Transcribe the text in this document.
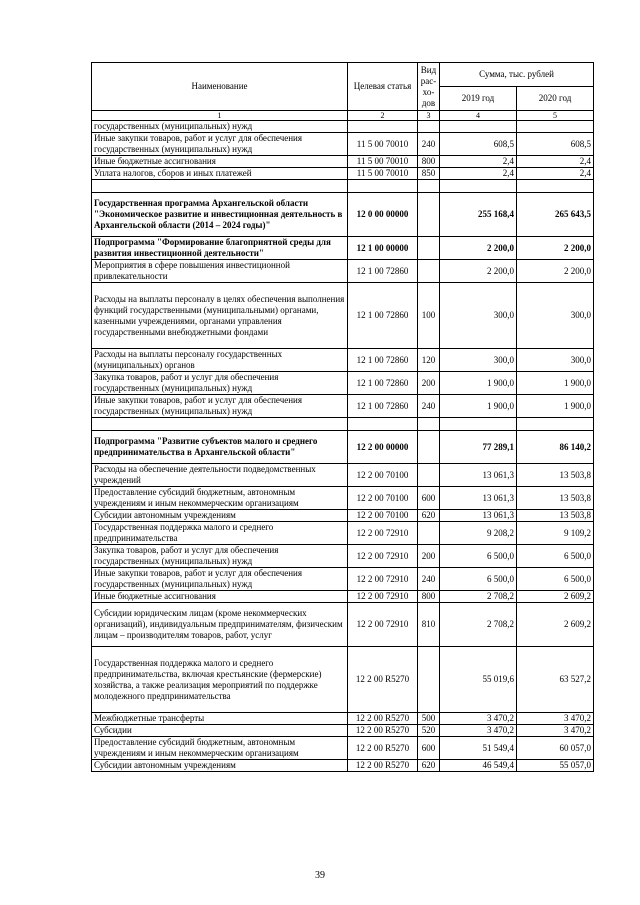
Наименование	Целевая статья	Вид рас-хо-дов	Сумма, тыс. рублей	
			2019 год	2020 год
1	2	3	4	5
государственных (муниципальных) нужд				
Иные закупки товаров, работ и услуг для обеспечения государственных (муниципальных) нужд	11 5 00 70010	240	608,5	608,5
Иные бюджетные ассигнования	11 5 00 70010	800	2,4	2,4
Уплата налогов, сборов и иных платежей	11 5 00 70010	850	2,4	2,4

Государственная программа Архангельской области "Экономическое развитие и инвестиционная деятельность в Архангельской области (2014 – 2024 годы)"	12 0 00 00000		255 168,4	265 643,5
Подпрограмма "Формирование благоприятной среды для развития инвестиционной деятельности"	12 1 00 00000		2 200,0	2 200,0
Мероприятия в сфере повышения инвестиционной привлекательности	12 1 00 72860		2 200,0	2 200,0
Расходы на выплаты персоналу в целях обеспечения выполнения функций государственными (муниципальными) органами, казенными учреждениями, органами управления государственными внебюджетными фондами	12 1 00 72860	100	300,0	300,0
Расходы на выплаты персоналу государственных (муниципальных) органов	12 1 00 72860	120	300,0	300,0
Закупка товаров, работ и услуг для обеспечения государственных (муниципальных) нужд	12 1 00 72860	200	1 900,0	1 900,0
Иные закупки товаров, работ и услуг для обеспечения государственных (муниципальных) нужд	12 1 00 72860	240	1 900,0	1 900,0

Подпрограмма "Развитие субъектов малого и среднего предпринимательства в Архангельской области"	12 2 00 00000		77 289,1	86 140,2
Расходы на обеспечение деятельности подведомственных учреждений	12 2 00 70100		13 061,3	13 503,8
Предоставление субсидий бюджетным, автономным учреждениям и иным некоммерческим организациям	12 2 00 70100	600	13 061,3	13 503,8
Субсидии автономным учреждениям	12 2 00 70100	620	13 061,3	13 503,8
Государственная поддержка малого и среднего предпринимательства	12 2 00 72910		9 208,2	9 109,2
Закупка товаров, работ и услуг для обеспечения государственных (муниципальных) нужд	12 2 00 72910	200	6 500,0	6 500,0
Иные закупки товаров, работ и услуг для обеспечения государственных (муниципальных) нужд	12 2 00 72910	240	6 500,0	6 500,0
Иные бюджетные ассигнования	12 2 00 72910	800	2 708,2	2 609,2
Субсидии юридическим лицам (кроме некоммерческих организаций), индивидуальным предпринимателям, физическим лицам – производителям товаров, работ, услуг	12 2 00 72910	810	2 708,2	2 609,2
Государственная поддержка малого и среднего предпринимательства, включая крестьянские (фермерские) хозяйства, а также реализация мероприятий по поддержке молодежного предпринимательства	12 2 00 R5270		55 019,6	63 527,2
Межбюджетные трансферты	12 2 00 R5270	500	3 470,2	3 470,2
Субсидии	12 2 00 R5270	520	3 470,2	3 470,2
Предоставление субсидий бюджетным, автономным учреждениям и иным некоммерческим организациям	12 2 00 R5270	600	51 549,4	60 057,0
Субсидии автономным учреждениям	12 2 00 R5270	620	46 549,4	55 057,0
39
